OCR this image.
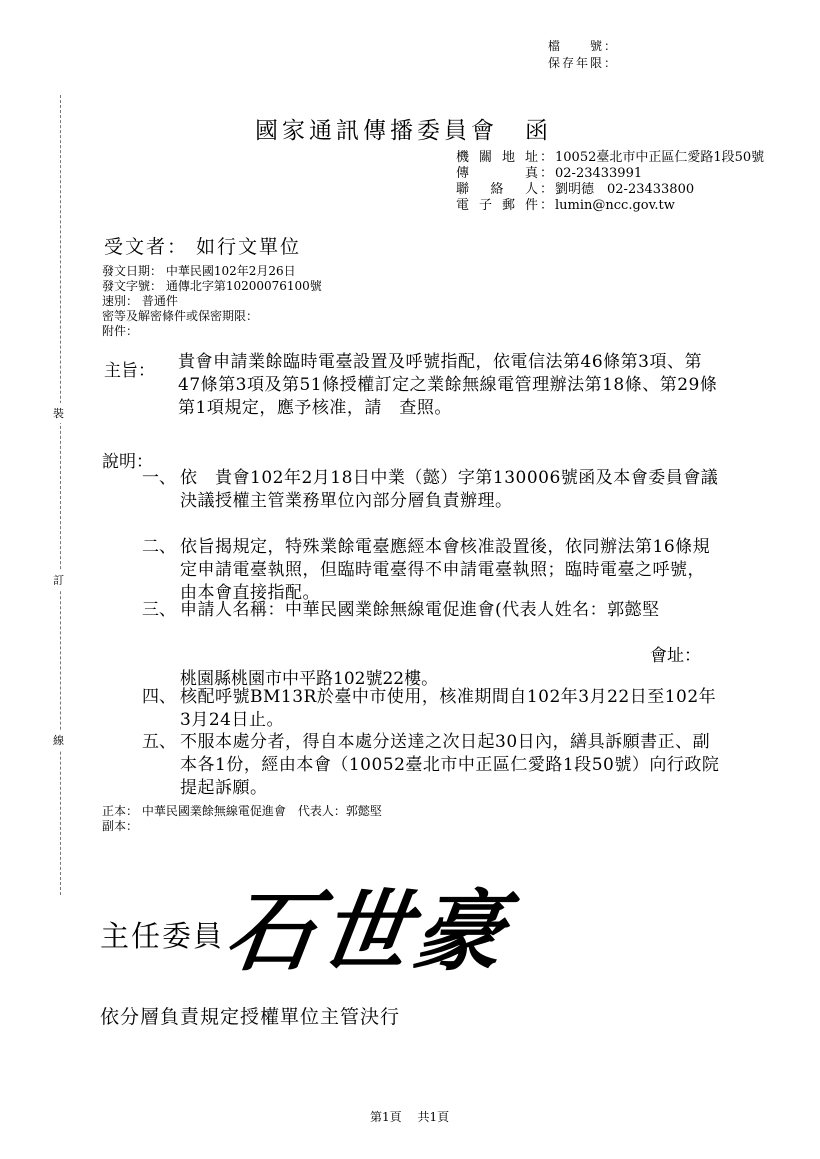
檔　　號：
保存年限：
裝
訂
線
國家通訊傳播委員會　函
機關地址 ： 10052臺北市中正區仁愛路1段50號
傳　　真 ： 02-23433991
聯 絡 人 ： 劉明德　02-23433800
電子郵件 ： lumin@ncc.gov.tw
受文者： 如行文單位
發文日期： 中華民國102年2月26日
發文字號： 通傳北字第10200076100號
速別： 普通件
密等及解密條件或保密期限：
附件：
主旨： 貴會申請業餘臨時電臺設置及呼號指配，依電信法第46條第3項、第47條第3項及第51條授權訂定之業餘無線電管理辦法第18條、第29條第1項規定，應予核准，請　查照。
說明：
一、 依　貴會102年2月18日中業（懿）字第130006號函及本會委員會議決議授權主管業務單位內部分層負責辦理。
二、 依旨揭規定，特殊業餘電臺應經本會核准設置後，依同辦法第16條規定申請電臺執照，但臨時電臺得不申請電臺執照；臨時電臺之呼號，由本會直接指配。
三、 申請人名稱：中華民國業餘無線電促進會(代表人姓名：郭懿堅
會址：
桃園縣桃園市中平路102號22樓。
四、 核配呼號BM13R於臺中市使用，核准期間自102年3月22日至102年3月24日止。
五、 不服本處分者，得自本處分送達之次日起30日內，繕具訴願書正、副本各1份，經由本會（10052臺北市中正區仁愛路1段50號）向行政院提起訴願。
正本： 中華民國業餘無線電促進會　代表人：郭懿堅
副本：
主任委員
石世豪
依分層負責規定授權單位主管決行
第1頁　 共1頁
